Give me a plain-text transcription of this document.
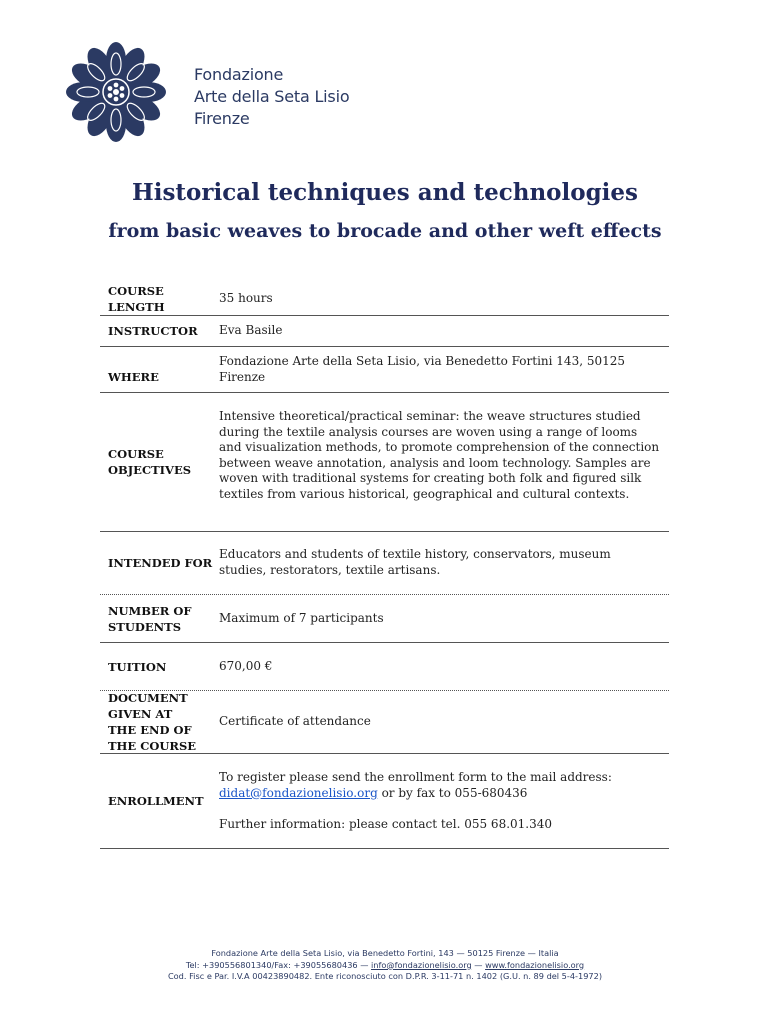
Fondazione
Arte della Seta Lisio
Firenze
Historical techniques and technologies
from basic weaves to brocade and other weft effects
COURSE
LENGTH
35 hours
INSTRUCTOR	Eva Basile
WHERE
Fondazione Arte della Seta Lisio, via Benedetto Fortini 143, 50125 Firenze
COURSE
OBJECTIVES
Intensive theoretical/practical seminar: the weave structures studied during the textile analysis courses are woven using a range of looms and visualization methods, to promote comprehension of the connection between weave annotation, analysis and loom technology. Samples are woven with traditional systems for creating both folk and figured silk textiles from various historical, geographical and cultural contexts.
INTENDED FOR
Educators and students of textile history, conservators, museum studies, restorators, textile artisans.
NUMBER OF
STUDENTS
Maximum of 7 participants
TUITION	670,00 €
DOCUMENT
GIVEN AT
THE END OF
THE COURSE
Certificate of attendance
ENROLLMENT

To register please send the enrollment form to the mail address:

didat@fondazionelisio.org or by fax to 055-680436

Further information: please contact tel. 055 68.01.340

Fondazione Arte della Seta Lisio, via Benedetto Fortini, 143 — 50125 Firenze — Italia
Tel: +390556801340/Fax: +39055680436 — info@fondazionelisio.org — www.fondazionelisio.org
Cod. Fisc e Par. I.V.A 00423890482. Ente riconosciuto con D.P.R. 3-11-71 n. 1402 (G.U. n. 89 del 5-4-1972)
